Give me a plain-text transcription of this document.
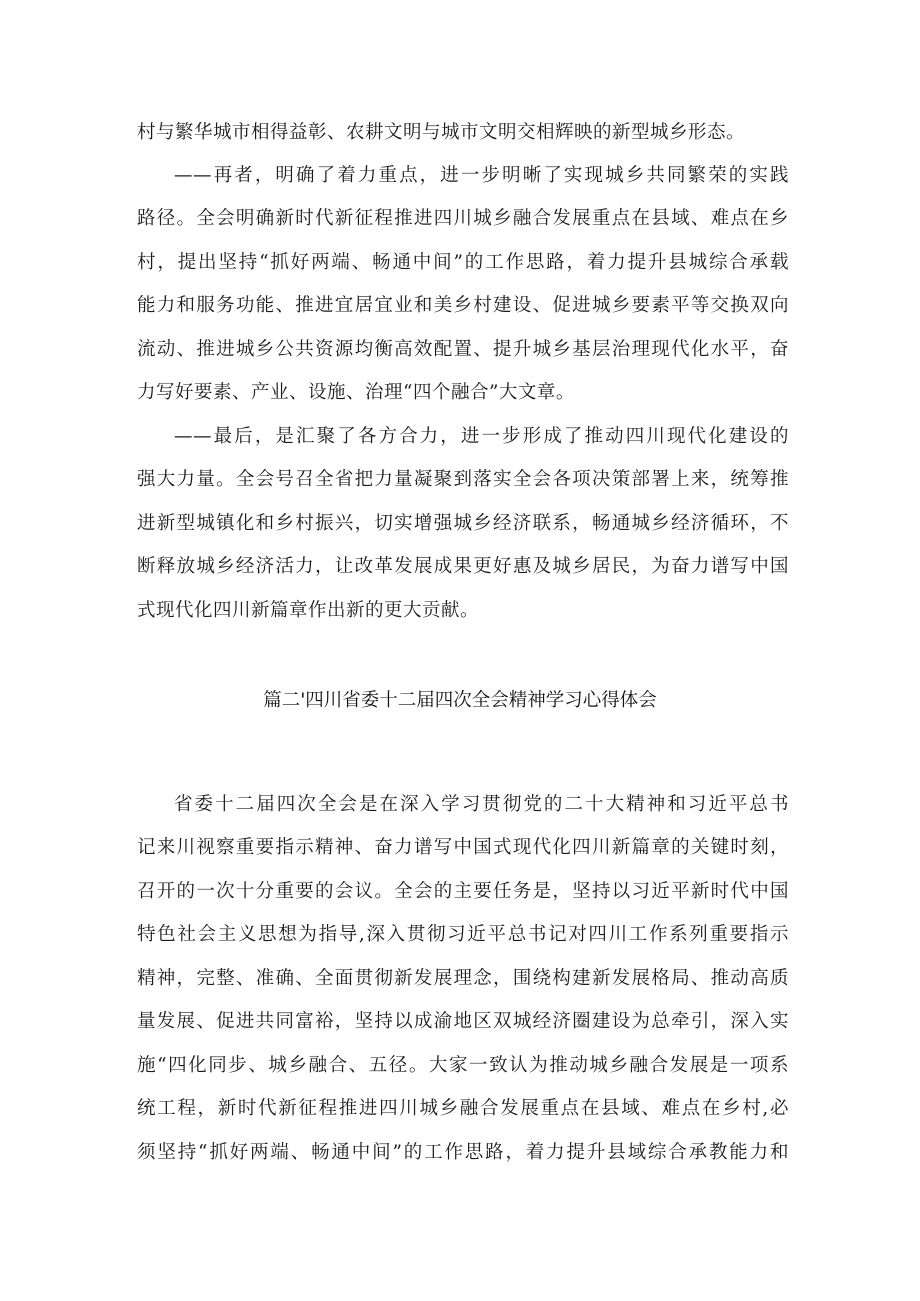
村与繁华城市相得益彰、农耕文明与城市文明交相辉映的新型城乡形态。
——再者，明确了着力重点，进一步明晰了实现城乡共同繁荣的实践
路径。全会明确新时代新征程推进四川城乡融合发展重点在县域、难点在乡
村，提出坚持“抓好两端、畅通中间”的工作思路，着力提升县城综合承载
能力和服务功能、推进宜居宜业和美乡村建设、促进城乡要素平等交换双向
流动、推进城乡公共资源均衡高效配置、提升城乡基层治理现代化水平，奋
力写好要素、产业、设施、治理“四个融合”大文章。
——最后，是汇聚了各方合力，进一步形成了推动四川现代化建设的
强大力量。全会号召全省把力量凝聚到落实全会各项决策部署上来，统筹推
进新型城镇化和乡村振兴，切实增强城乡经济联系，畅通城乡经济循环，不
断释放城乡经济活力，让改革发展成果更好惠及城乡居民，为奋力谱写中国
式现代化四川新篇章作出新的更大贡献。
篇二'四川省委十二届四次全会精神学习心得体会
省委十二届四次全会是在深入学习贯彻党的二十大精神和习近平总书
记来川视察重要指示精神、奋力谱写中国式现代化四川新篇章的关键时刻，
召开的一次十分重要的会议。全会的主要任务是，坚持以习近平新时代中国
特色社会主义思想为指导,深入贯彻习近平总书记对四川工作系列重要指示
精神，完整、准确、全面贯彻新发展理念，围绕构建新发展格局、推动高质
量发展、促进共同富裕，坚持以成渝地区双城经济圈建设为总牵引，深入实
施“四化同步、城乡融合、五径。大家一致认为推动城乡融合发展是一项系
统工程，新时代新征程推进四川城乡融合发展重点在县域、难点在乡村,必
须坚持“抓好两端、畅通中间”的工作思路，着力提升县域综合承教能力和
